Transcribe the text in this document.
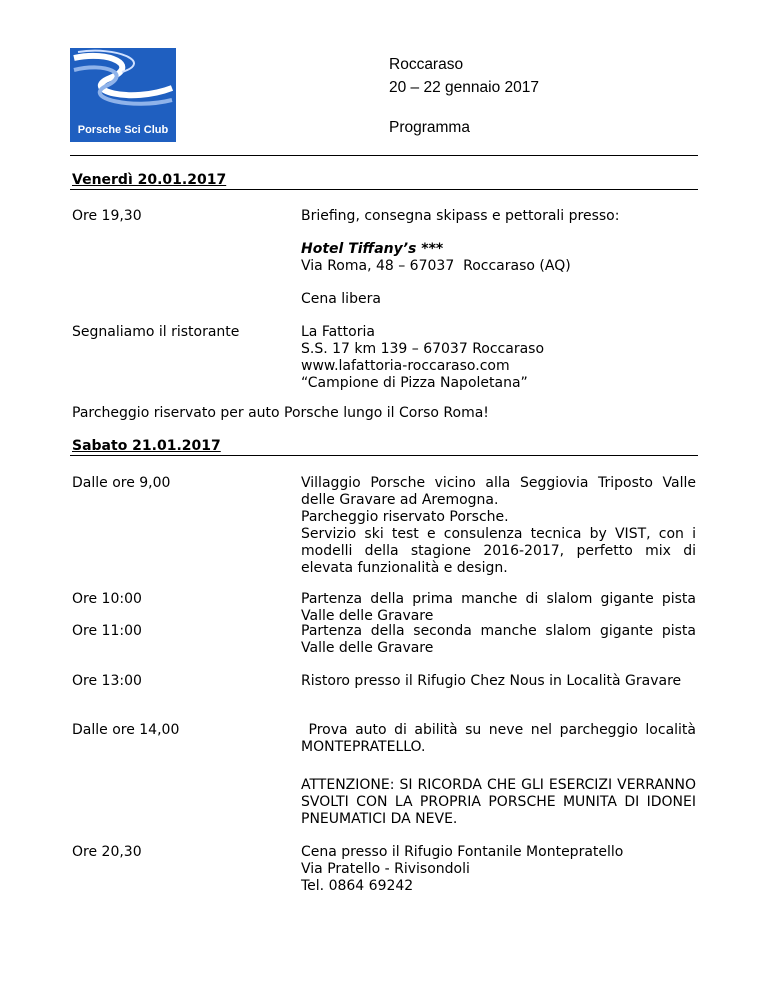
Porsche Sci Club
Roccaraso
20 – 22 gennaio 2017
Programma
Venerdì 20.01.2017
Ore 19,30	Briefing, consegna skipass e pettorali presso:
Hotel Tiffany’s ***
Via Roma, 48 – 67037  Roccaraso (AQ)
Cena libera
Segnaliamo il ristorante	La Fattoria
S.S. 17 km 139 – 67037 Roccaraso
www.lafattoria-roccaraso.com
“Campione di Pizza Napoletana”
Parcheggio riservato per auto Porsche lungo il Corso Roma!
Sabato 21.01.2017
Dalle ore 9,00	Villaggio Porsche vicino alla Seggiovia Triposto Valle delle Gravare ad Aremogna.
Parcheggio riservato Porsche.
Servizio ski test e consulenza tecnica by VIST, con i modelli della stagione 2016-2017, perfetto mix di elevata funzionalità e design.
Ore 10:00	Partenza della prima manche di slalom gigante pista Valle delle Gravare
Ore 11:00	Partenza della seconda manche slalom gigante pista Valle delle Gravare
Ore 13:00	Ristoro presso il Rifugio Chez Nous in Località Gravare
Dalle ore 14,00	Prova auto di abilità su neve nel parcheggio località MONTEPRATELLO.
ATTENZIONE: SI RICORDA CHE GLI ESERCIZI VERRANNO SVOLTI CON LA PROPRIA PORSCHE MUNITA DI IDONEI PNEUMATICI DA NEVE.
Ore 20,30	Cena presso il Rifugio Fontanile Montepratello
Via Pratello - Rivisondoli
Tel. 0864 69242
